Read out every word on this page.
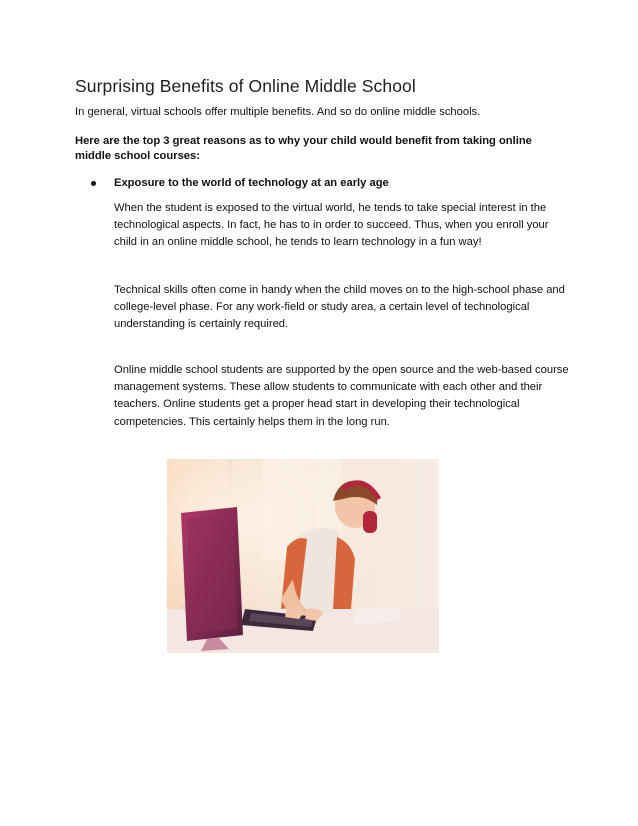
Surprising Benefits of Online Middle School

In general, virtual schools offer multiple benefits. And so do online middle schools.

Here are the top 3 great reasons as to why your child would benefit from taking online middle school courses:

Exposure to the world of technology at an early age

When the student is exposed to the virtual world, he tends to take special interest in the technological aspects. In fact, he has to in order to succeed. Thus, when you enroll your child in an online middle school, he tends to learn technology in a fun way!

Technical skills often come in handy when the child moves on to the high-school phase and college-level phase. For any work-field or study area, a certain level of technological understanding is certainly required.

Online middle school students are supported by the open source and the web-based course management systems. These allow students to communicate with each other and their teachers. Online students get a proper head start in developing their technological competencies. This certainly helps them in the long run.
